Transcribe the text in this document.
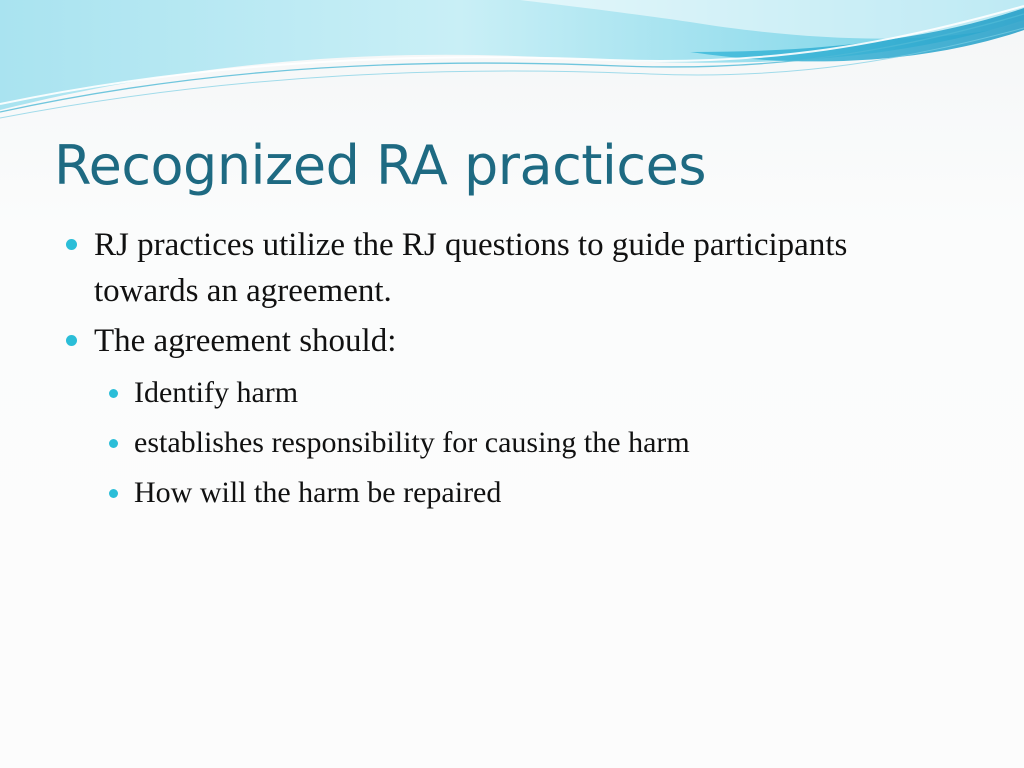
Recognized RA practices
RJ practices utilize the RJ questions to guide participants towards an agreement.
The agreement should:
Identify harm
establishes responsibility for causing the harm
How will the harm be repaired
